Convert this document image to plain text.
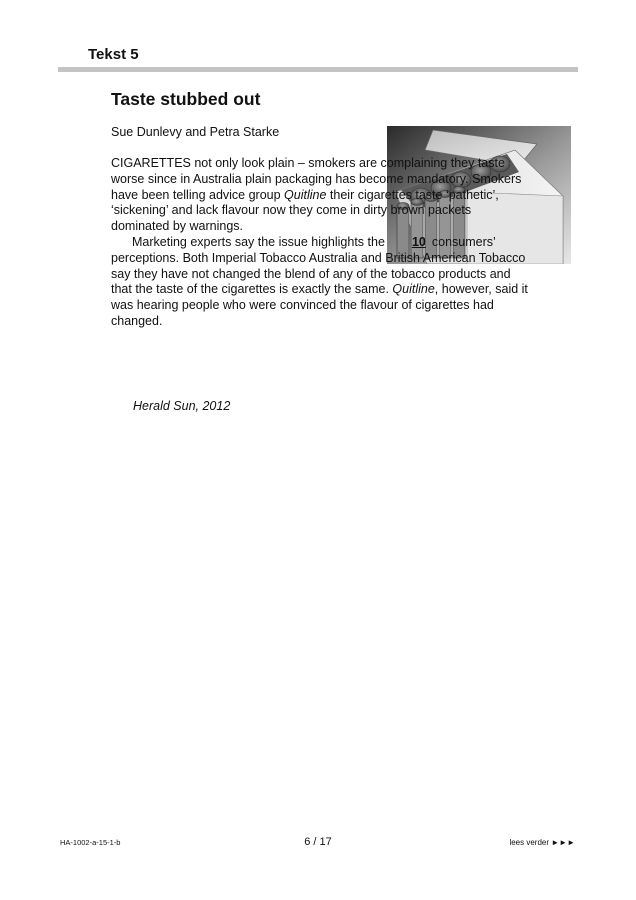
Tekst 5
Taste stubbed out
Sue Dunlevy and Petra Starke

CIGARETTES not only look plain – smokers are complaining they taste worse since in Australia plain packaging has become mandatory. Smokers have been telling advice group Quitline their cigarettes taste ‘pathetic’, ‘sickening’ and lack flavour now they come in dirty brown packets dominated by warnings.

Marketing experts say the issue highlights the 10 consumers’ perceptions. Both Imperial Tobacco Australia and British American Tobacco say they have not changed the blend of any of the tobacco products and that the taste of the cigarettes is exactly the same. Quitline, however, said it was hearing people who were convinced the flavour of cigarettes had changed.

Herald Sun, 2012
HA-1002-a-15-1-b	6 / 17	lees verder ►►►
